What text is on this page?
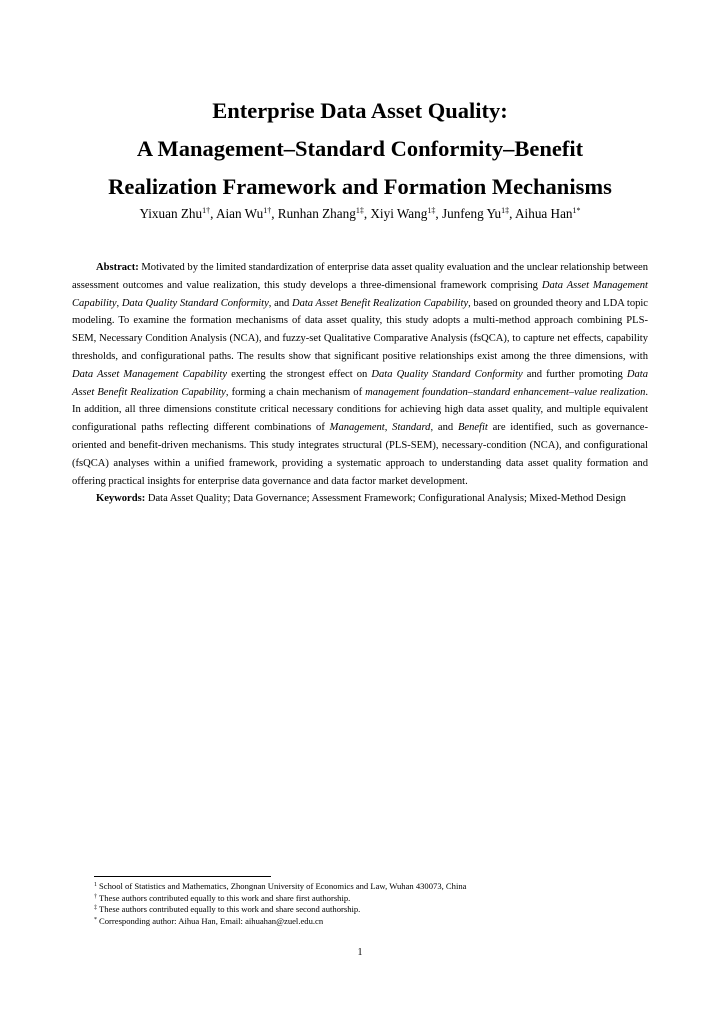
Enterprise Data Asset Quality:
A Management–Standard Conformity–Benefit
Realization Framework and Formation Mechanisms
Yixuan Zhu$^{1\dagger}$, Aian $Wu^{1\dagger}$, Runhan Zhang$^{1\ddagger}$, Xiyi Wang$^{1\ddagger}$, Junfeng $Yu^{1\ddagger}$, Aihua Han$^{1*}$

Abstract: Motivated by the limited standardization of enterprise data asset quality evaluation and the unclear relationship between assessment outcomes and value realization, this study develops a three-dimensional framework comprising Data Asset Management Capability, Data Quality Standard Conformity, and Data Asset Benefit Realization Capability, based on grounded theory and LDA topic modeling. To examine the formation mechanisms of data asset quality, this study adopts a multi-method approach combining PLS-SEM, Necessary Condition Analysis (NCA), and fuzzy-set Qualitative Comparative Analysis (fsQCA), to capture net effects, capability thresholds, and configurational paths. The results show that significant positive relationships exist among the three dimensions, with Data Asset Management Capability exerting the strongest effect on Data Quality Standard Conformity and further promoting Data Asset Benefit Realization Capability, forming a chain mechanism of management foundation–standard enhancement–value realization. In addition, all three dimensions constitute critical necessary conditions for achieving high data asset quality, and multiple equivalent configurational paths reflecting different combinations of Management, Standard, and Benefit are identified, such as governance-oriented and benefit-driven mechanisms. This study integrates structural (PLS-SEM), necessary-condition (NCA), and configurational (fsQCA) analyses within a unified framework, providing a systematic approach to understanding data asset quality formation and offering practical insights for enterprise data governance and data factor market development.

Keywords: Data Asset Quality; Data Governance; Assessment Framework; Configurational Analysis; Mixed-Method Design

$^1$ School of Statistics and Mathematics, Zhongnan University of Economics and Law, Wuhan 430073, China
† These authors contributed equally to this work and share first authorship.
‡ These authors contributed equally to this work and share second authorship.
* Corresponding author: Aihua Han, Email: aihuahan@zuel.edu.cn
1
